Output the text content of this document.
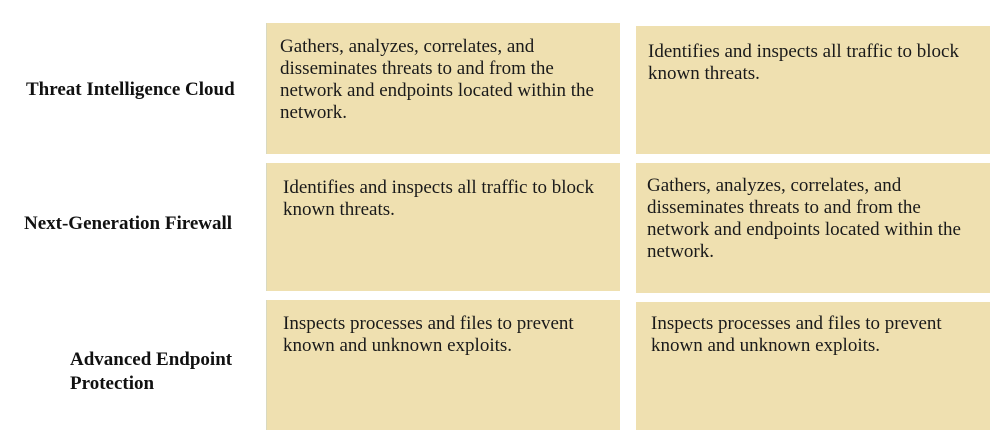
Threat Intelligence Cloud
Gathers, analyzes, correlates, and disseminates threats to and from the network and endpoints located within the network.
Identifies and inspects all traffic to block known threats.
Next-Generation Firewall
Identifies and inspects all traffic to block known threats.
Gathers, analyzes, correlates, and disseminates threats to and from the network and endpoints located within the network.
Advanced Endpoint Protection
Inspects processes and files to prevent known and unknown exploits.
Inspects processes and files to prevent known and unknown exploits.
